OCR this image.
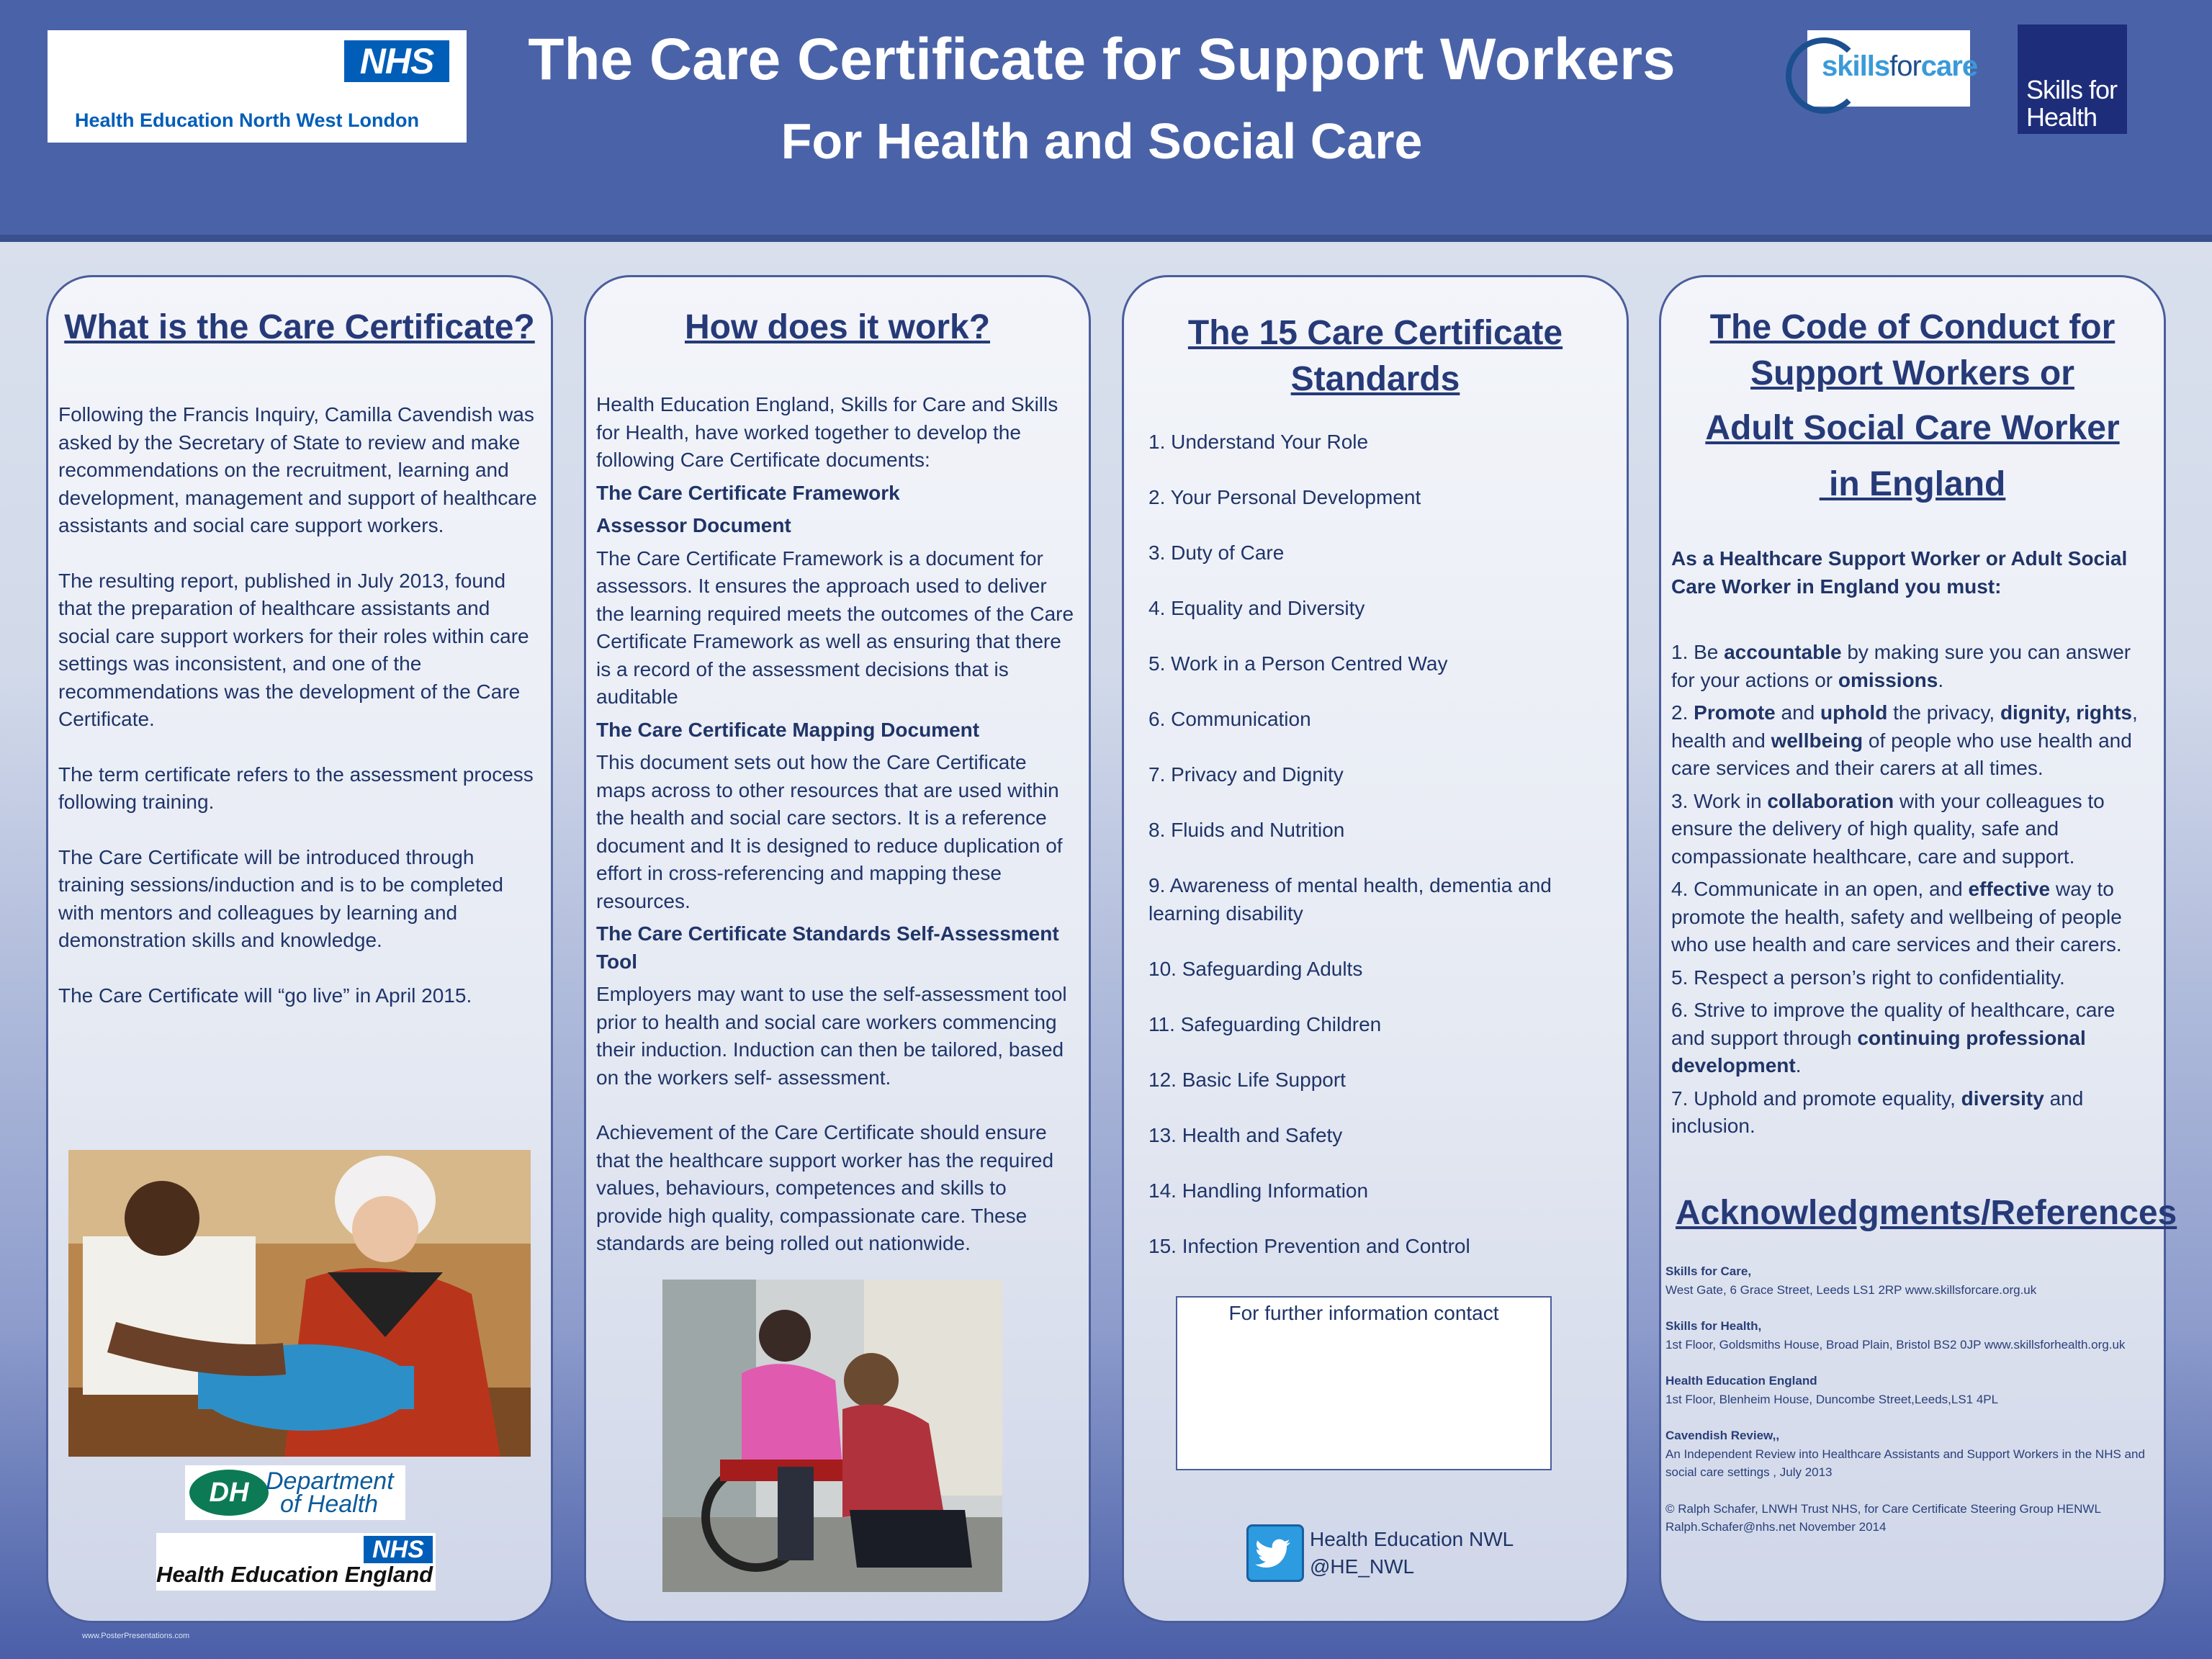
NHS
Health Education North West London
The Care Certificate for Support Workers
For Health and Social Care
skillsforcare
Skills for Health
What is the Care Certificate?

Following the Francis Inquiry, Camilla Cavendish was asked by the Secretary of State to review and make recommendations on the recruitment, learning and development, management and support of healthcare assistants and social care support workers.

The resulting report, published in July 2013, found that the preparation of healthcare assistants and social care support workers for their roles within care settings was inconsistent, and one of the recommendations was the development of the Care Certificate.

The term certificate refers to the assessment process following training.

The Care Certificate will be introduced through training sessions/induction and is to be completed with mentors and colleagues by learning and demonstration skills and knowledge.

The Care Certificate will “go live” in April 2015.

DH Department
of Health
NHS
Health Education England
How does it work?

Health Education England, Skills for Care and Skills for Health, have worked together to develop the following Care Certificate documents:

The Care Certificate Framework

Assessor Document

The Care Certificate Framework is a document for assessors. It ensures the approach used to deliver the learning required meets the outcomes of the Care Certificate Framework as well as ensuring that there is a record of the assessment decisions that is auditable

The Care Certificate Mapping Document

This document sets out how the Care Certificate maps across to other resources that are used within the health and social care sectors. It is a reference document and It is designed to reduce duplication of effort in cross-referencing and mapping these resources.

The Care Certificate Standards Self-Assessment Tool

Employers may want to use the self-assessment tool prior to health and social care workers commencing their induction. Induction can then be tailored, based on the workers self- assessment.

Achievement of the Care Certificate should ensure that the healthcare support worker has the required values, behaviours, competences and skills to provide high quality, compassionate care. These standards are being rolled out nationwide.

The 15 Care Certificate Standards
1. Understand Your Role
2. Your Personal Development
3. Duty of Care
4. Equality and Diversity
5. Work in a Person Centred Way
6. Communication
7. Privacy and Dignity
8. Fluids and Nutrition
9. Awareness of mental health, dementia and learning disability
10. Safeguarding Adults
11. Safeguarding Children
12. Basic Life Support
13. Health and Safety
14. Handling Information
15. Infection Prevention and Control
For further information contact
Health Education NWL
@HE_NWL
The Code of Conduct for
Support Workers or
Adult Social Care Worker
in England

As a Healthcare Support Worker or Adult Social Care Worker in England you must:

1. Be accountable by making sure you can answer for your actions or omissions.

2. Promote and uphold the privacy, dignity, rights, health and wellbeing of people who use health and care services and their carers at all times.

3. Work in collaboration with your colleagues to ensure the delivery of high quality, safe and compassionate healthcare, care and support.

4. Communicate in an open, and effective way to promote the health, safety and wellbeing of people who use health and care services and their carers.

5. Respect a person’s right to confidentiality.

6. Strive to improve the quality of healthcare, care and support through continuing professional development.

7. Uphold and promote equality, diversity and inclusion.

Acknowledgments/References
Skills for Care,
West Gate, 6 Grace Street, Leeds LS1 2RP www.skillsforcare.org.uk
Skills for Health,
1st Floor, Goldsmiths House, Broad Plain, Bristol BS2 0JP www.skillsforhealth.org.uk
Health Education England
1st Floor, Blenheim House, Duncombe Street,Leeds,LS1 4PL
Cavendish Review,,
An Independent Review into Healthcare Assistants and Support Workers in the NHS and social care settings , July 2013
© Ralph Schafer, LNWH Trust NHS, for Care Certificate Steering Group HENWL Ralph.Schafer@nhs.net November 2014
www.PosterPresentations.com
